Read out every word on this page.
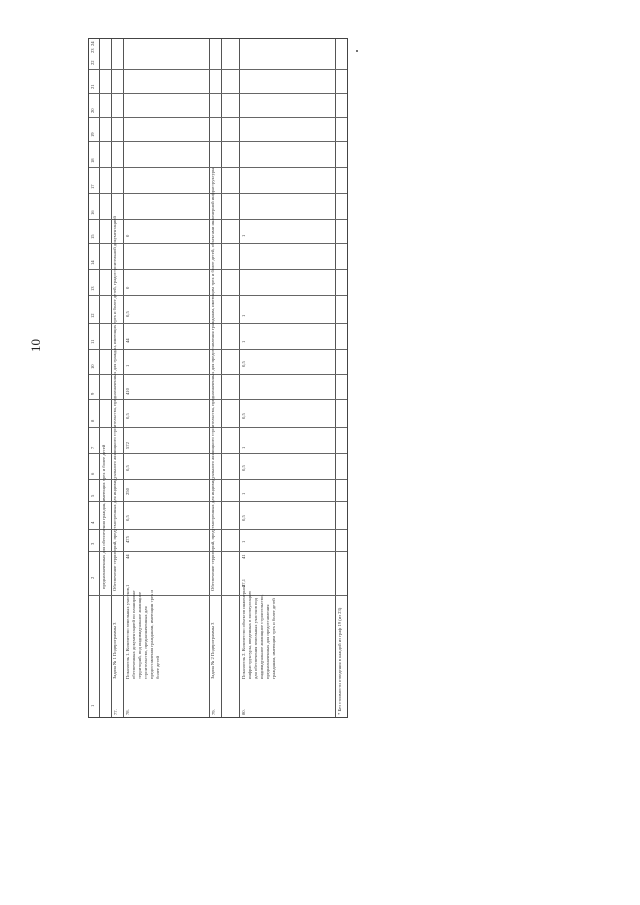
10
1
2
3
4
5
6
7
8
9
10
11
12
13
14
15
16
17
18
19
20
21
22
23
24
предназначенных для обеспечения граждан, имеющих трех и более детей
77.
Задача № 1 Подпрограммы 3
Обеспечение территорий, предусмотренных для индивидуального жилищного строительства, предназначенных для граждан, имеющих трех и более детей, градостроительной документацией
78.
Показатель 1. Количество земельных участков, обеспеченных документацией по планировке территорий, под индивидуальное жилищное строительство, предназначенных для предоставления гражданам, имеющим трех и более детей
1
44
475
0,5
250
0,5
572
0,5
410
1
44
0,5
0
0
79.
Задача № 2 Подпрограммы 3
Обеспечение территорий, предусмотренных для индивидуального жилищного строительства, предназначенных для предоставления гражданам, имеющим трех и более детей, объектами инженерной инфраструктуры
80.
Показатель 2. Количество объектов инженерной инфраструктуры, введенных в эксплуатацию для обеспечения земельных участков под индивидуальное жилищное строительство, предназначенных для предоставления гражданам, имеющим трех и более детей
27,1
41
1
0,5
1
0,5
1
0,5
0,5
1
1
1
* Без стоимости отведения в каждой из граф 19 (из 23)
